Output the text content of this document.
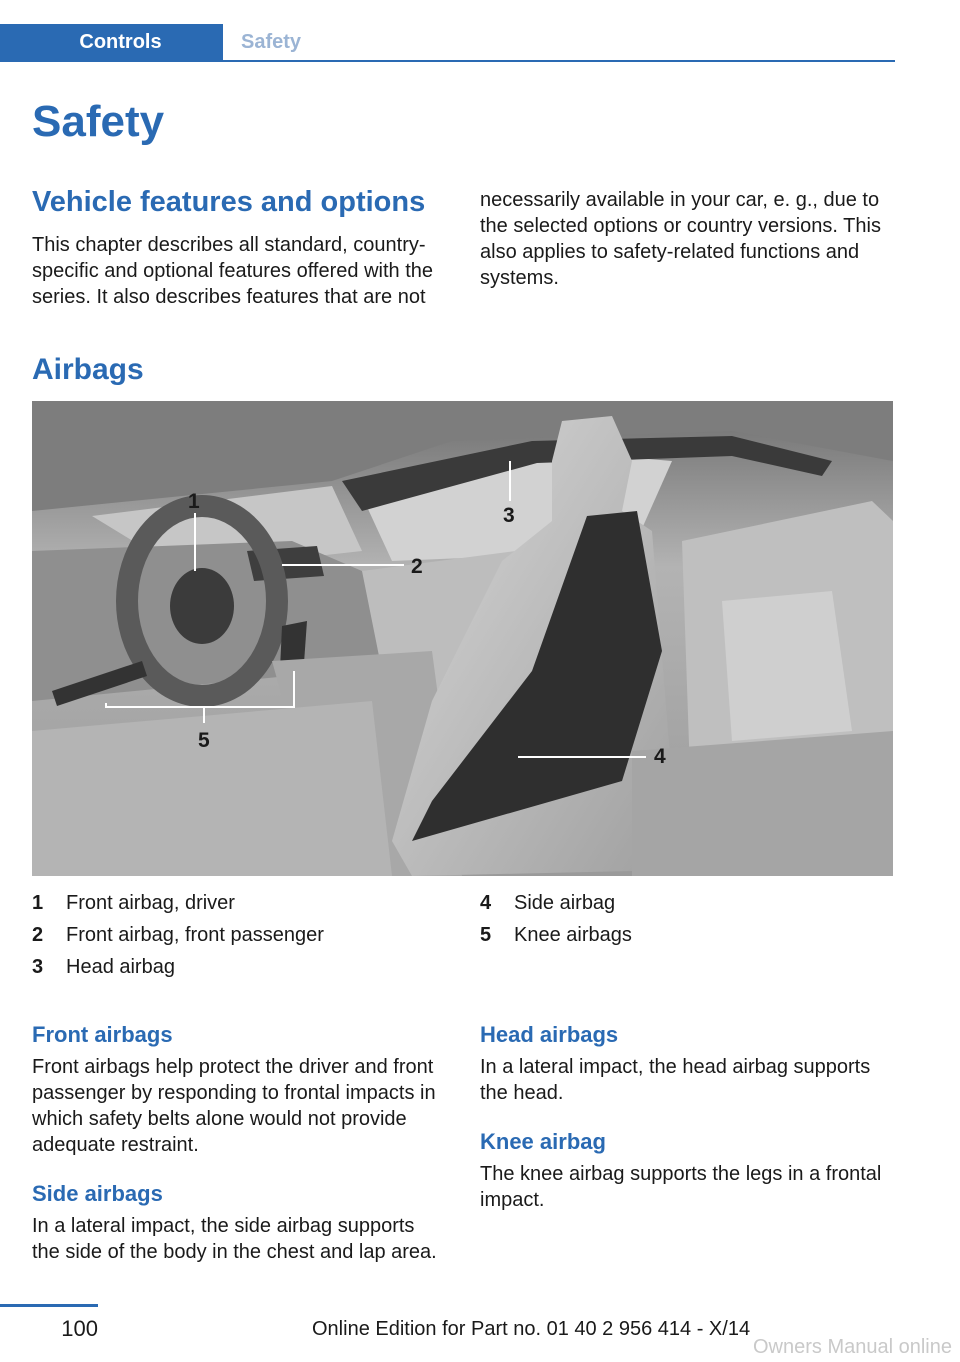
Controls	Safety
Safety
Vehicle features and options

This chapter describes all standard, country-specific and optional features offered with the series. It also describes features that are not

necessarily available in your car, e. g., due to the selected options or country versions. This also applies to safety-related functions and systems.

Airbags
1
2
3
4
5
1	Front airbag, driver
2	Front airbag, front passenger
3	Head airbag
4	Side airbag
5	Knee airbags
Front airbags

Front airbags help protect the driver and front passenger by responding to frontal impacts in which safety belts alone would not provide adequate restraint.

Side airbags

In a lateral impact, the side airbag supports the side of the body in the chest and lap area.

Head airbags

In a lateral impact, the head airbag supports the head.

Knee airbag

The knee airbag supports the legs in a frontal impact.

100	Online Edition for Part no. 01 40 2 956 414 - X/14
Owners Manual online
